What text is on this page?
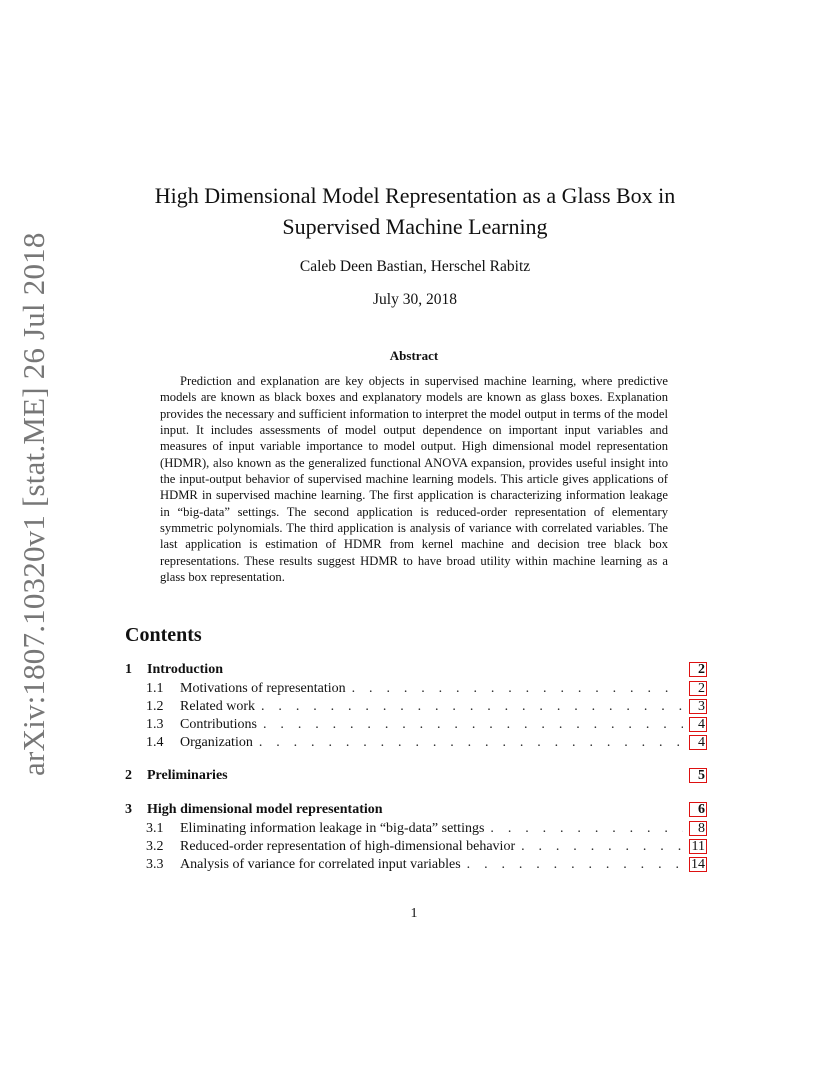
arXiv:1807.10320v1 [stat.ME] 26 Jul 2018
High Dimensional Model Representation as a Glass Box in Supervised Machine Learning
Caleb Deen Bastian, Herschel Rabitz
July 30, 2018
Abstract

Prediction and explanation are key objects in supervised machine learning, where predictive models are known as black boxes and explanatory models are known as glass boxes. Explanation provides the necessary and sufficient information to interpret the model output in terms of the model input. It includes assessments of model output dependence on important input variables and measures of input variable importance to model output. High dimensional model representation (HDMR), also known as the generalized functional ANOVA expansion, provides useful insight into the input-output behavior of supervised machine learning models. This article gives applications of HDMR in supervised machine learning. The first application is characterizing information leakage in “big-data” settings. The second application is reduced-order representation of elementary symmetric polynomials. The third application is analysis of variance with correlated variables. The last application is estimation of HDMR from kernel machine and decision tree black box representations. These results suggest HDMR to have broad utility within machine learning as a glass box representation.

Contents
1	Introduction	2
1.1	Motivations of representation . . .	2
1.2	Related work . . .	3
1.3	Contributions . . .	4
1.4	Organization . . .	4
2	Preliminaries	5
3	High dimensional model representation	6
3.1	Eliminating information leakage in “big-data” settings . . .	8
3.2	Reduced-order representation of high-dimensional behavior . . .	11
3.3	Analysis of variance for correlated input variables . . .	14
1
